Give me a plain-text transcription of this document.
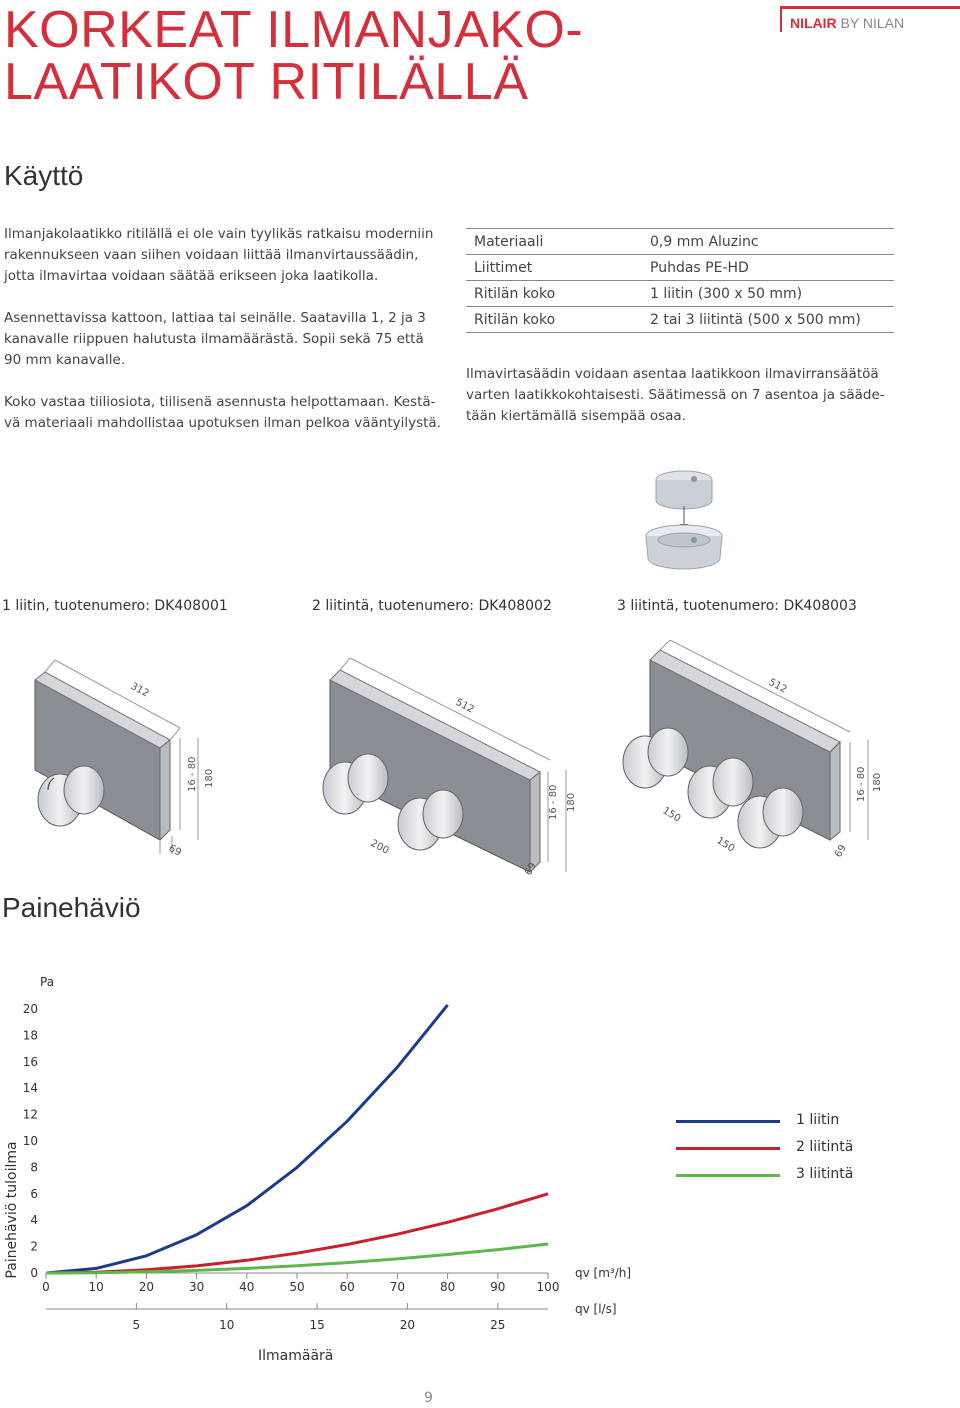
KORKEAT ILMANJAKO-
LAATIKOT RITILÄLLÄ
NILAIR BY NILAN
Käyttö
Ilmanjakolaatikko ritilällä ei ole vain tyylikäs ratkaisu moderniin
rakennukseen vaan siihen voidaan liittää ilmanvirtaussäädin,
jotta ilmavirtaa voidaan säätää erikseen joka laatikolla.
Asennettavissa kattoon, lattiaa tai seinälle. Saatavilla 1, 2 ja 3
kanavalle riippuen halutusta ilmamäärästä. Sopii sekä 75 että
90 mm kanavalle.
Koko vastaa tiiliosiota, tiilisenä asennusta helpottamaan. Kestä-
vä materiaali mahdollistaa upotuksen ilman pelkoa vääntyilystä.
Materiaali	0,9 mm Aluzinc
Liittimet	Puhdas PE-HD
Ritilän koko	1 liitin (300 x 50 mm)
Ritilän koko	2 tai 3 liitintä (500 x 500 mm)
Ilmavirtasäädin voidaan asentaa laatikkoon ilmavirransäätöä
varten laatikkokohtaisesti. Säätimessä on 7 asentoa ja sääde-
tään kiertämällä sisempää osaa.
1 liitin, tuotenumero: DK408001	2 liitintä, tuotenumero: DK408002	3 liitintä, tuotenumero: DK408003
312
16 - 80 180
69
512
200
16 - 80 180
69
512
150
150
16 - 80 180
69
Painehäviö
Pa
Painehäviö tuloilma	qv [m³/h]
qv [l/s]
Ilmamäärä
0
2
4
6
8
10
12
14
16
18
20
0	10	20	30	40	50	60	70	80	90	100
5	10	15	20	25
1 liitin
2 liitintä
3 liitintä
9
